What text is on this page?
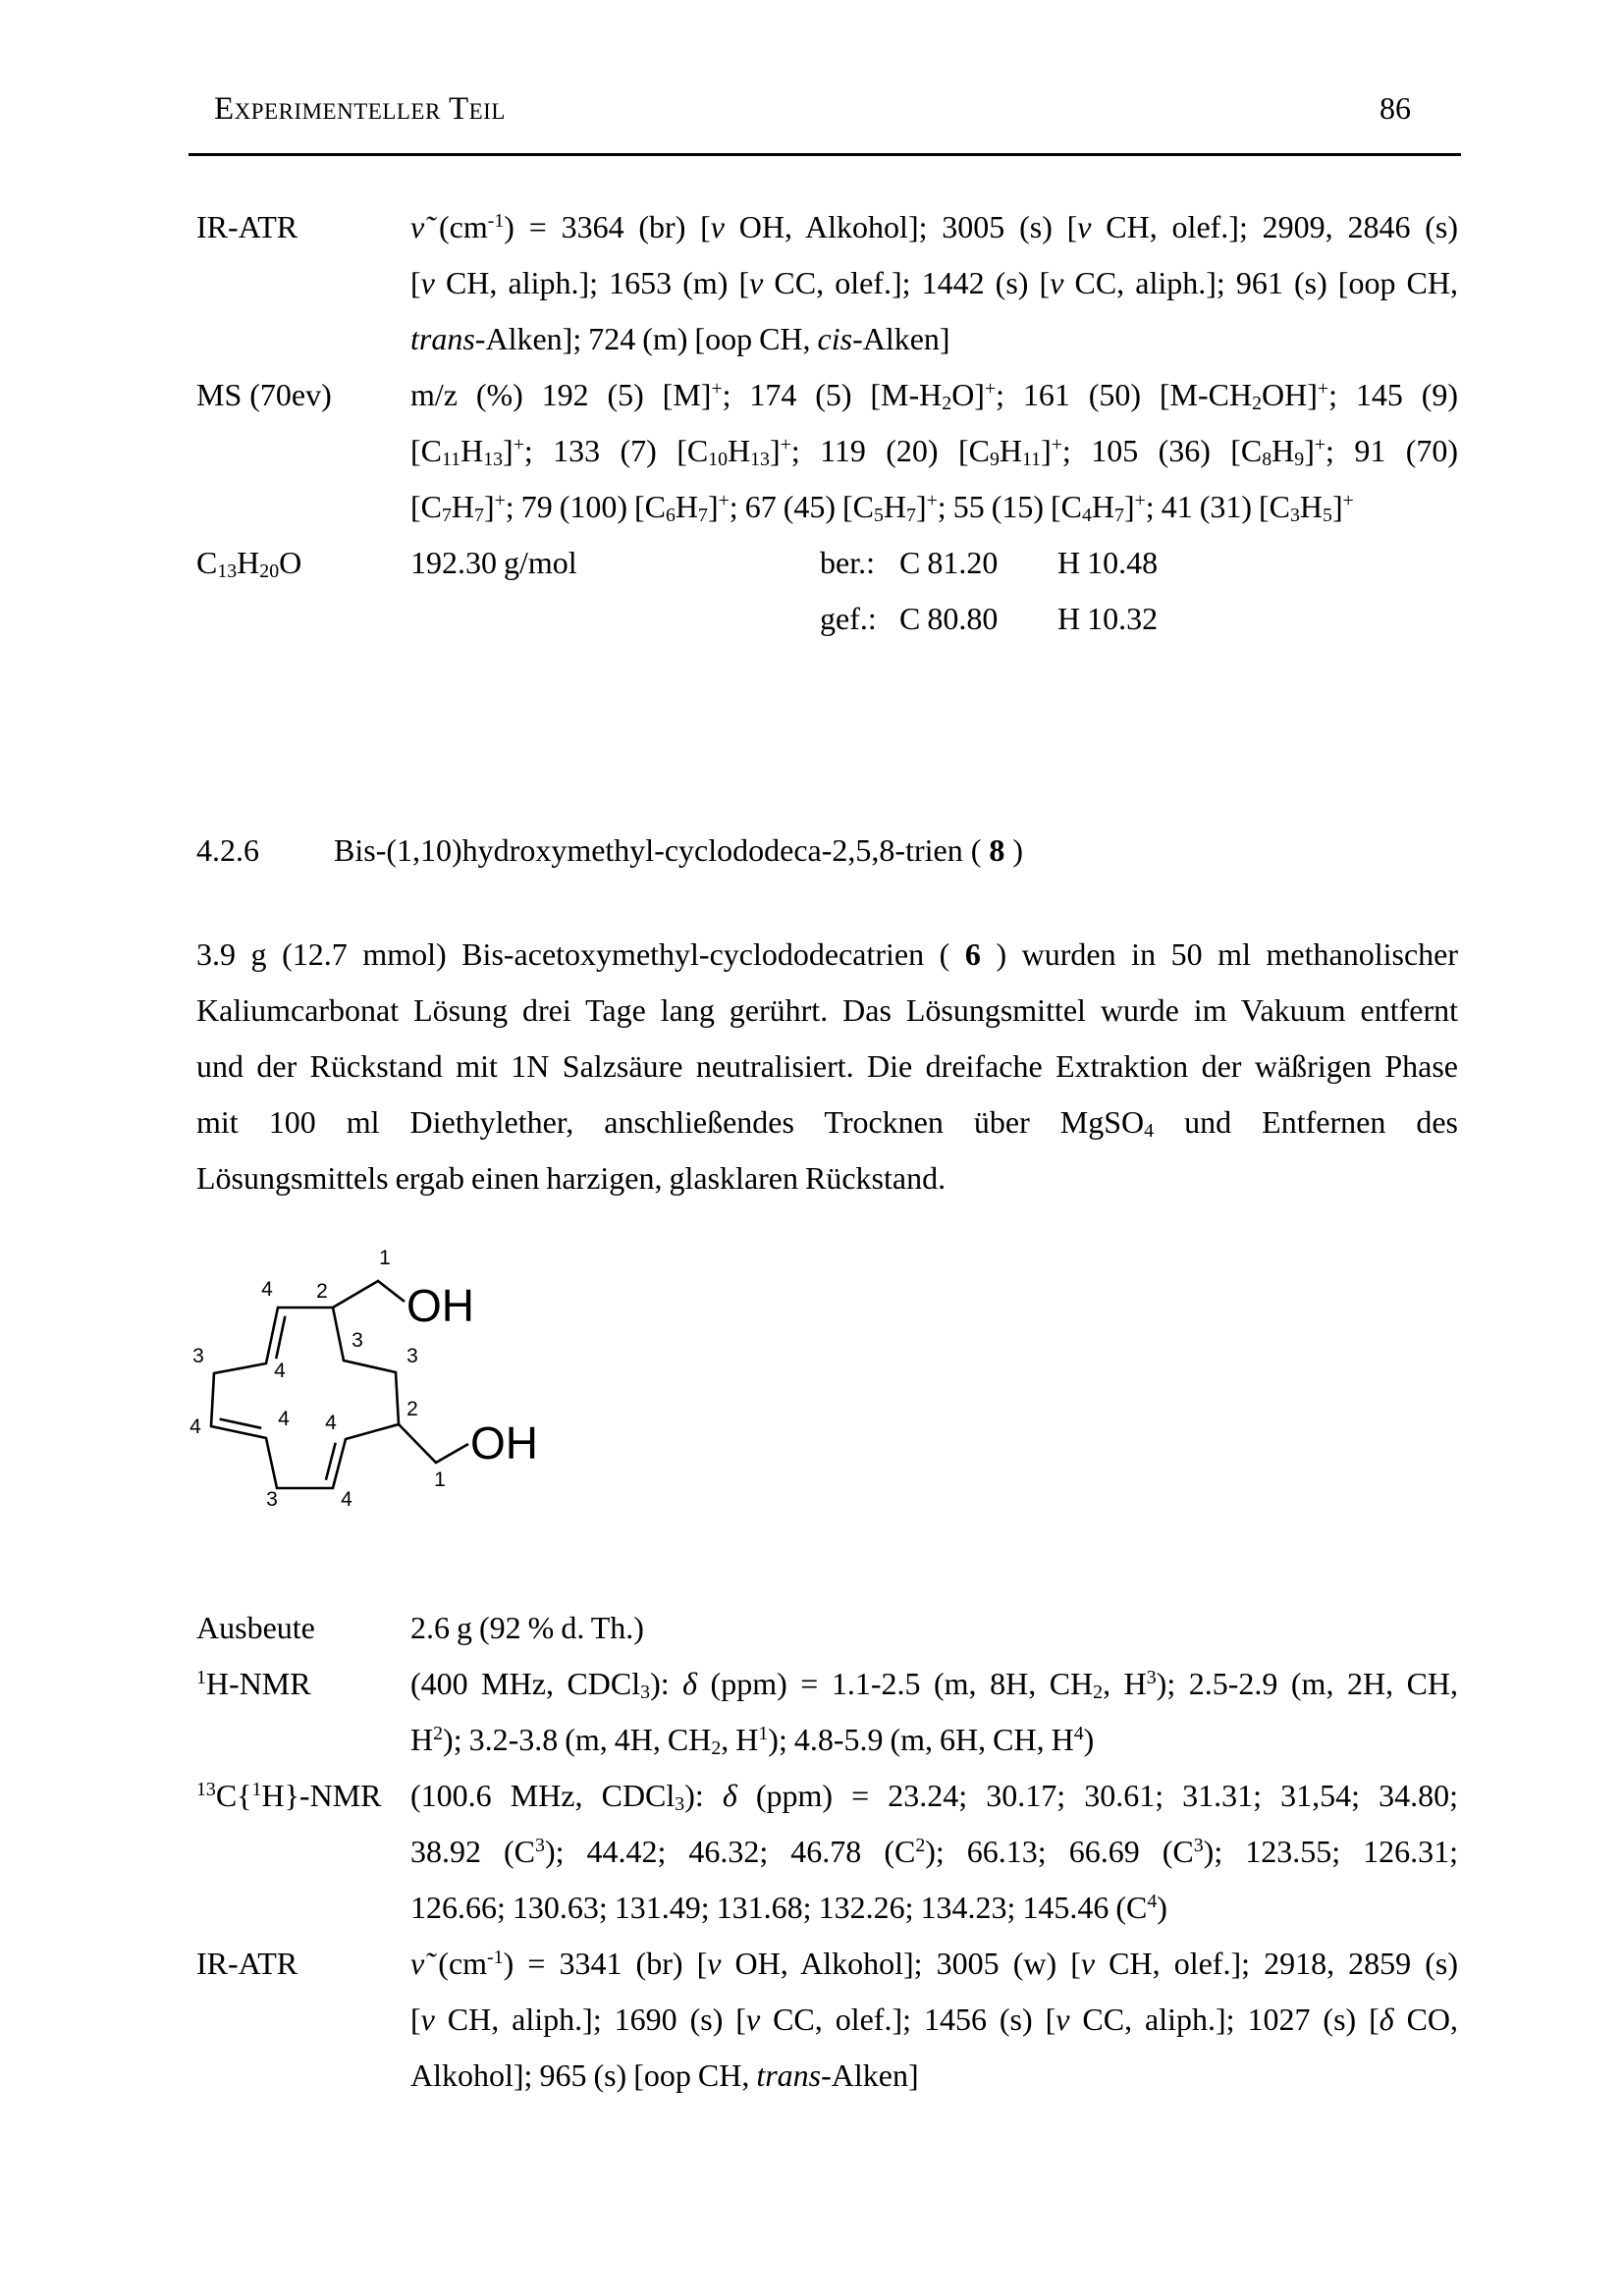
Experimenteller Teil	86
IR-ATR	ν̃ $(cm^{-1}) = 3364$ (br) [ν OH, Alkohol]; 3005 (s) [ν CH, olef.]; 2909, 2846 (s)
[ν CH, aliph.]; 1653 (m) [ν CC, olef.]; 1442 (s) [ν CC, aliph.]; 961 (s) [oop CH,
trans-Alken]; 724 (m) [oop CH, cis-Alken]
MS (70ev)	m/z (%) 192 (5) [M]+; 174 (5) [M-H2O]+; 161 (50) [M-CH2OH]+; 145 (9)
[C11H13]+; 133 (7) [C10H13]+; 119 (20) [C9H11]+; 105 (36) [C8H9]+; 91 (70)
[C7H7]+; 79 (100) [C6H7]+; 67 (45) [C5H7]+; 55 (15) [C4H7]+; 41 (31) [C3H5]+
C13H20O	192.30 g/mol	ber.: C 81.20 H 10.48
gef.: C 80.80 H 10.32
4.2.6	Bis-(1,10)hydroxymethyl-cyclododeca-2,5,8-trien ( 8 )
3.9 g (12.7 mmol) Bis-acetoxymethyl-cyclododecatrien ( 6 ) wurden in 50 ml methanolischer
Kaliumcarbonat Lösung drei Tage lang gerührt. Das Lösungsmittel wurde im Vakuum entfernt
und der Rückstand mit 1N Salzsäure neutralisiert. Die dreifache Extraktion der wäßrigen Phase
mit 100 ml Diethylether, anschließendes Trocknen über MgSO4 und Entfernen des
Lösungsmittels ergab einen harzigen, glasklaren Rückstand.
2
4
3
1
4
3	3
4	4 4
2
3	4
1
OH
OH
Ausbeute	2.6 g (92 % d. Th.)
$^1$H-NMR	(400 MHz, CDCl3): δ (ppm) = 1.1-2.5 (m, 8H, CH2, $H^3$); 2.5-2.9 (m, 2H, CH,
$H^2$); 3.2-3.8 (m, 4H, CH2, $H^1$); 4.8-5.9 (m, 6H, CH, $H^4$)
$^{13}$C{$^1$H}-NMR (100.6 MHz, CDCl3): δ (ppm) = 23.24; 30.17; 30.61; 31.31; 31,54; 34.80;
38.92 $(C^3)$; 44.42; 46.32; 46.78 $(C^2)$; 66.13; 66.69 $(C^3)$; 123.55; 126.31;
126.66; 130.63; 131.49; 131.68; 132.26; 134.23; 145.46 $(C^4)$
IR-ATR	ν̃ $(cm^{-1}) = 3341$ (br) [ν OH, Alkohol]; 3005 (w) [ν CH, olef.]; 2918, 2859 (s)
[ν CH, aliph.]; 1690 (s) [ν CC, olef.]; 1456 (s) [ν CC, aliph.]; 1027 (s) [δ CO,
Alkohol]; 965 (s) [oop CH, trans-Alken]
